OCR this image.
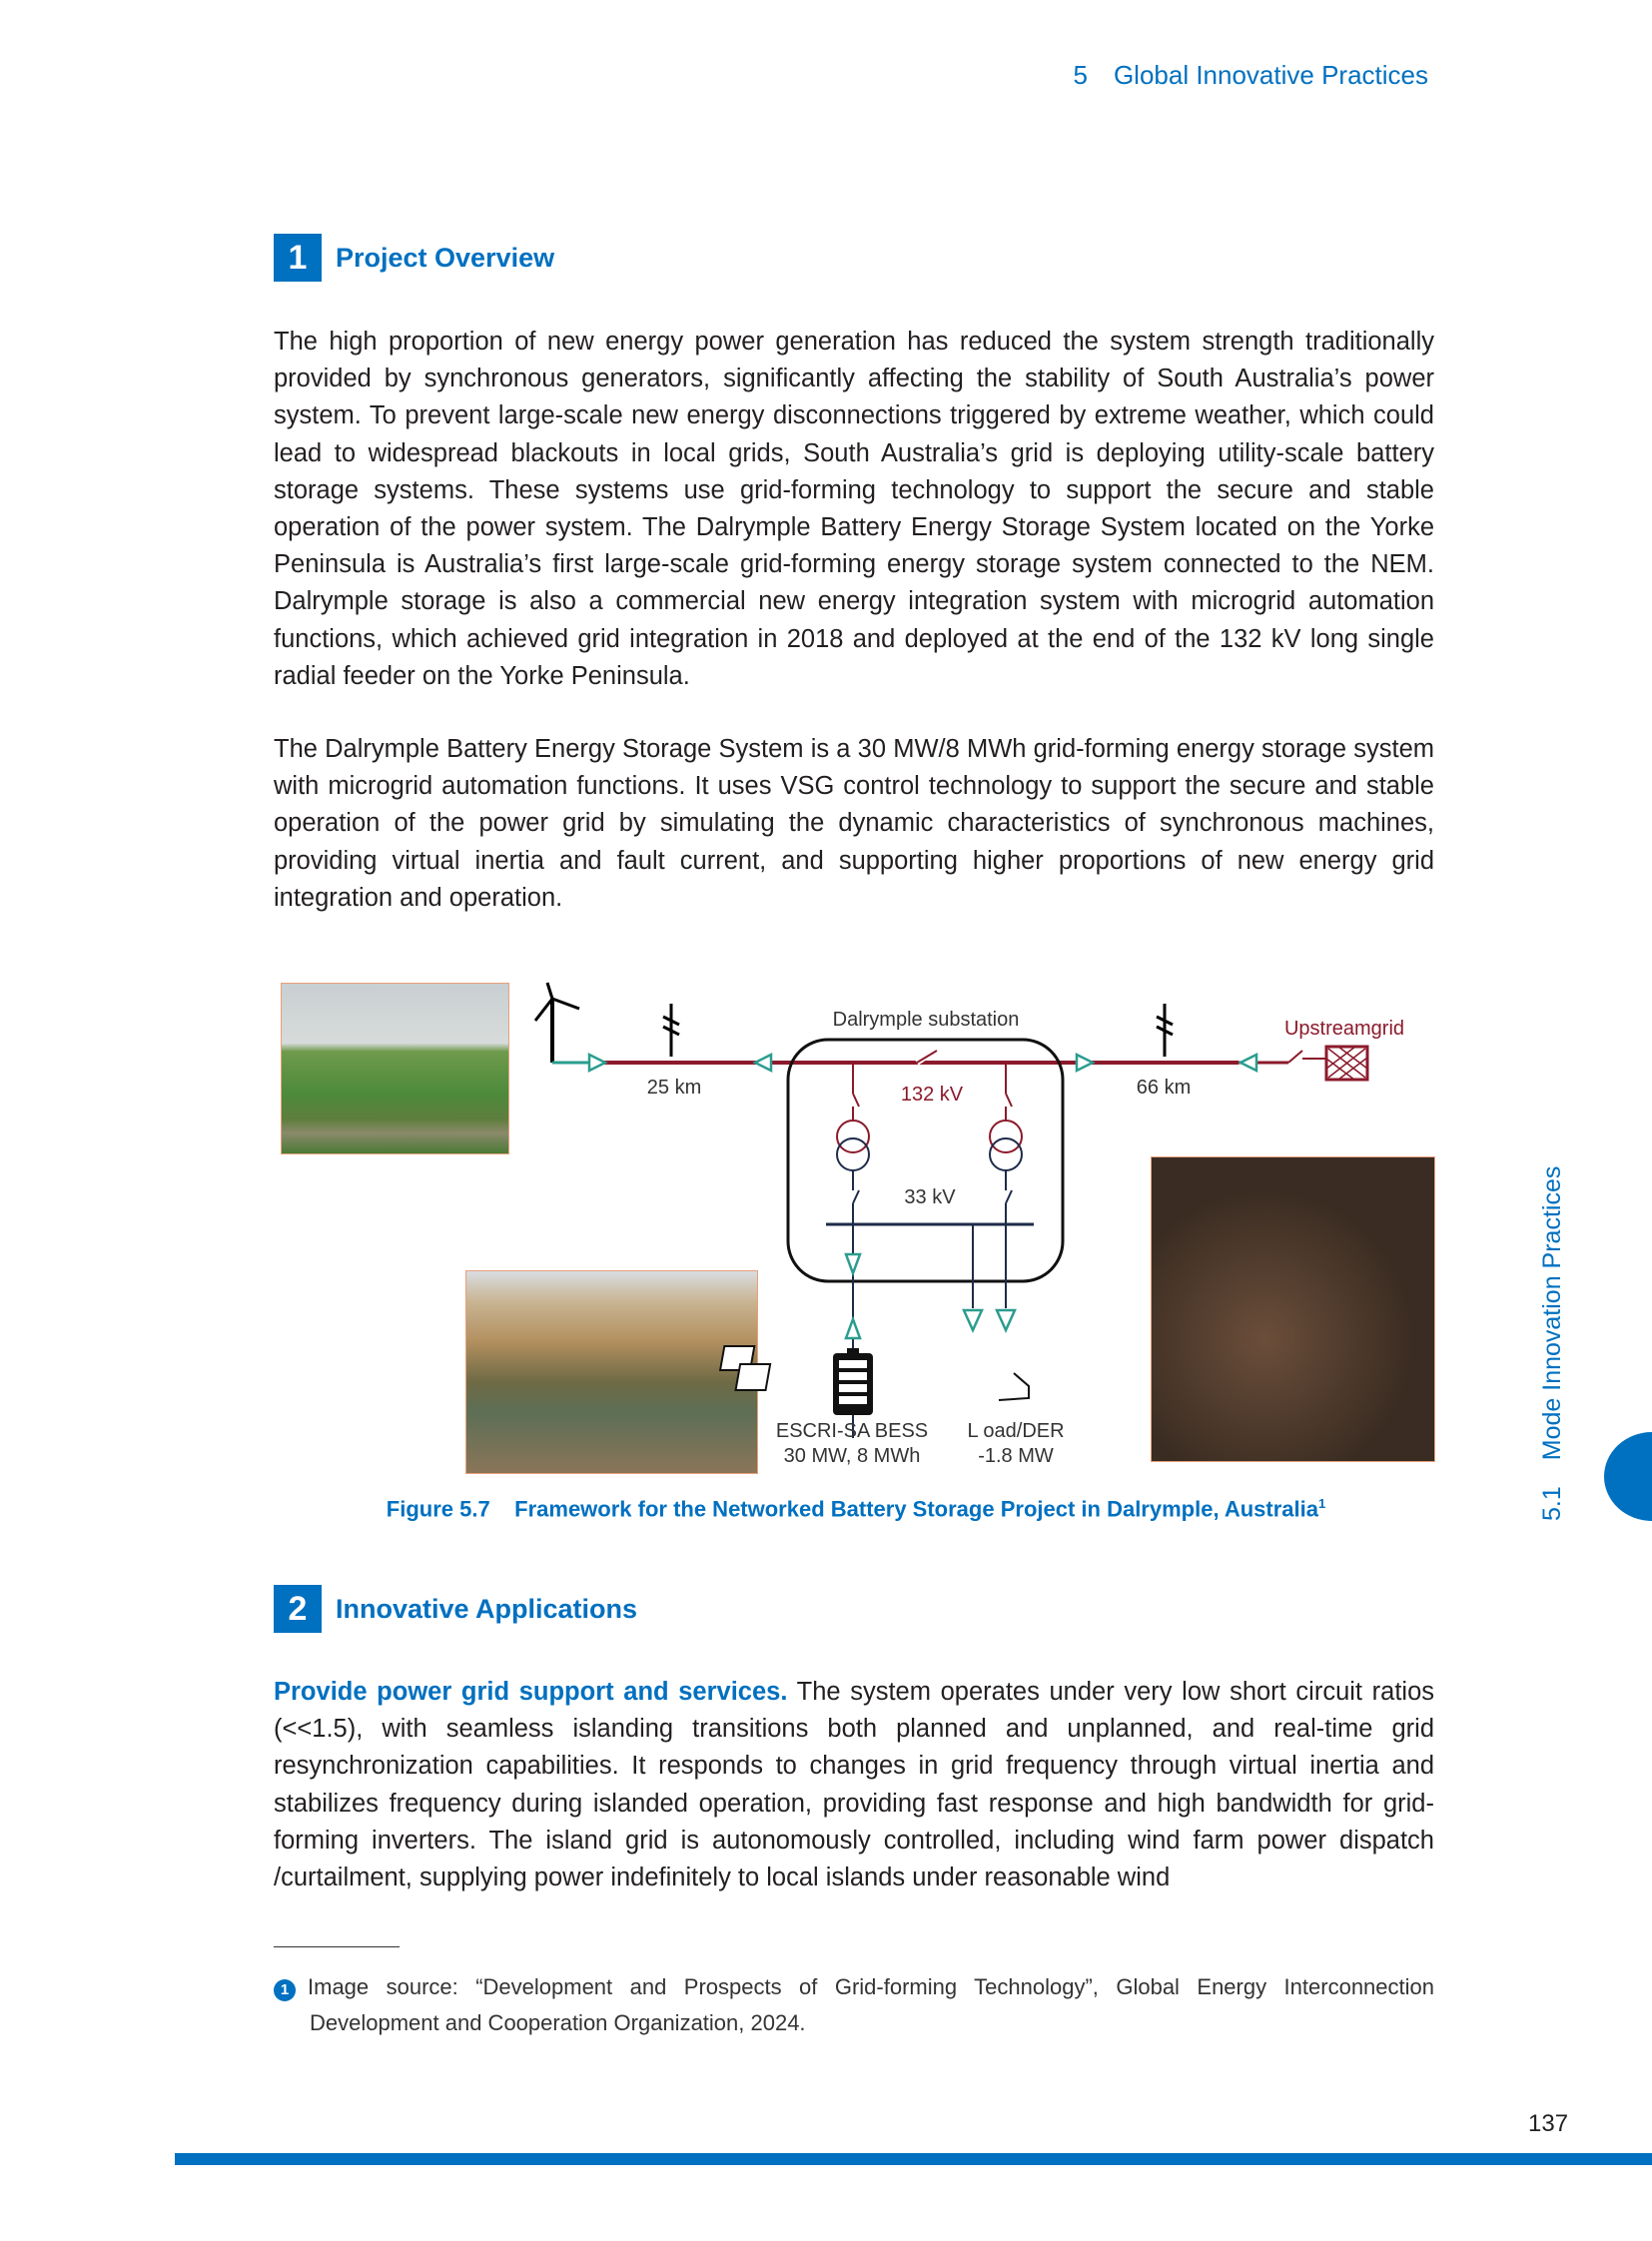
5 Global Innovative Practices
1	Project Overview

The high proportion of new energy power generation has reduced the system strength traditionally provided by synchronous generators, significantly affecting the stability of South Australia’s power system. To prevent large-scale new energy disconnections triggered by extreme weather, which could lead to widespread blackouts in local grids, South Australia’s grid is deploying utility-scale battery storage systems. These systems use grid-forming technology to support the secure and stable operation of the power system. The Dalrymple Battery Energy Storage System located on the Yorke Peninsula is Australia’s first large-scale grid-forming energy storage system connected to the NEM. Dalrymple storage is also a commercial new energy integration system with microgrid automation functions, which achieved grid integration in 2018 and deployed at the end of the 132 kV long single radial feeder on the Yorke Peninsula.

The Dalrymple Battery Energy Storage System is a 30 MW/8 MWh grid-forming energy storage system with microgrid automation functions. It uses VSG control technology to support the secure and stable operation of the power grid by simulating the dynamic characteristics of synchronous machines, providing virtual inertia and fault current, and supporting higher proportions of new energy grid integration and operation.

Dalrymple substation	Upstreamgrid
25 km	66 km
132 kV
33 kV
ESCRI-SA BESS
30 MW, 8 MWh
L oad/DER
-1.8 MW
Figure 5.7 Framework for the Networked Battery Storage Project in Dalrymple, Australia$^1$
2	Innovative Applications

Provide power grid support and services. The system operates under very low short circuit ratios (<<1.5), with seamless islanding transitions both planned and unplanned, and real-time grid resynchronization capabilities. It responds to changes in grid frequency through virtual inertia and stabilizes frequency during islanded operation, providing fast response and high bandwidth for grid-forming inverters. The island grid is autonomously controlled, including wind farm power dispatch /curtailment, supplying power indefinitely to local islands under reasonable wind

1 Image source: “Development and Prospects of Grid-forming Technology”, Global Energy Interconnection Development and Cooperation Organization, 2024.
5.1Mode Innovation Practices
137
